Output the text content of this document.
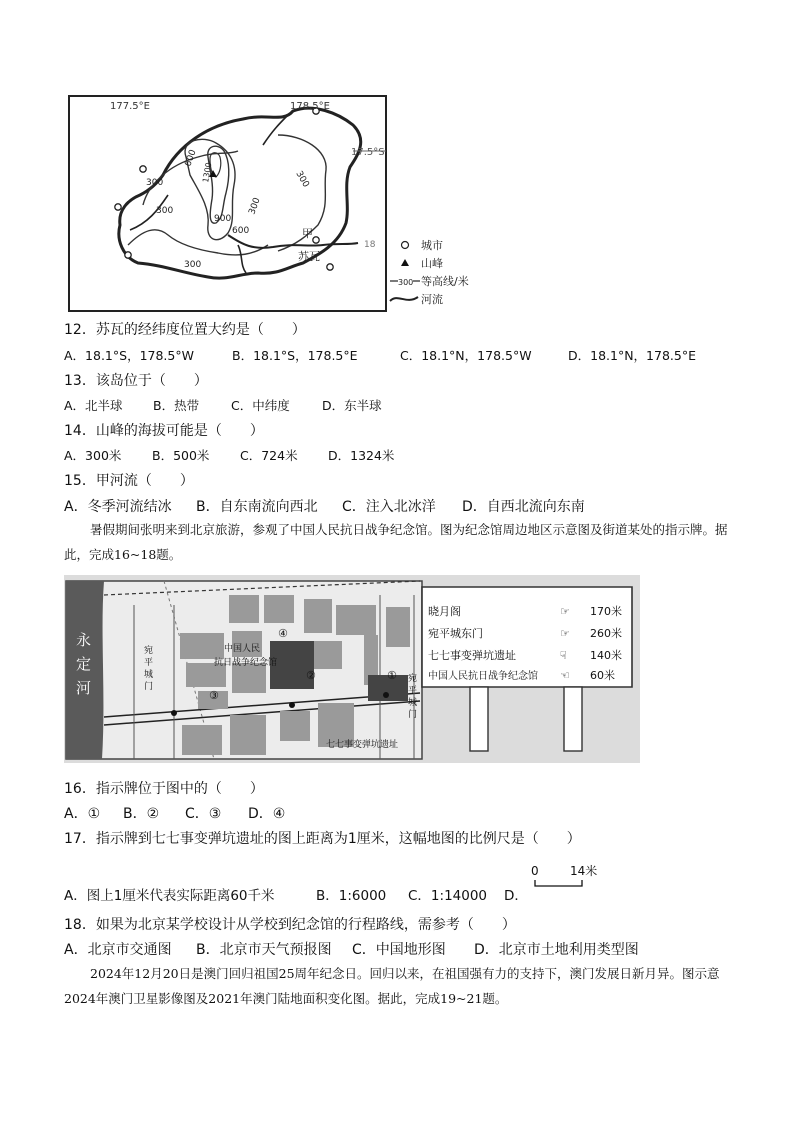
177.5°E	178.5°E
17.5°S
18
600
1300
300
300
300
900
600
300
300
甲
苏瓦
城市
山峰
300 等高线/米
河流
12．苏瓦的经纬度位置大约是（　　）
A．18.1°S，178.5°W	B．18.1°S，178.5°E	C．18.1°N，178.5°W	D．18.1°N，178.5°E
13．该岛位于（　　）
A．北半球 B．热带	C．中纬度	D．东半球
14．山峰的海拔可能是（　　）
A．300米 B．500米 C．724米 D．1324米
15．甲河流（　　）
A．冬季河流结冰 B．自东南流向西北 C．注入北冰洋 D．自西北流向东南
暑假期间张明来到北京旅游，参观了中国人民抗日战争纪念馆。图为纪念馆周边地区示意图及街道某处的指示牌。据此，完成16~18题。
永
定
河
宛
平
城
门
宛
平
城
门
中国人民
抗日战争纪念馆
七七事变弹坑遗址
①
②
③
④
晓月阁	☞ 170米
宛平城东门	☞ 260米
七七事变弹坑遗址	☟ 140米
中国人民抗日战争纪念馆 ☜ 60米
16．指示牌位于图中的（　　）
A．① B．② C．③ D．④
17．指示牌到七七事变弹坑遗址的图上距离为1厘米，这幅地图的比例尺是（　　）
A．图上1厘米代表实际距离60千米	B．1:6000 C．1:14000 D．
0	14米
18．如果为北京某学校设计从学校到纪念馆的行程路线，需参考（　　）
A．北京市交通图 B．北京市天气预报图 C．中国地形图 D．北京市土地利用类型图
2024年12月20日是澳门回归祖国25周年纪念日。回归以来，在祖国强有力的支持下，澳门发展日新月异。图示意2024年澳门卫星影像图及2021年澳门陆地面积变化图。据此，完成19~21题。
